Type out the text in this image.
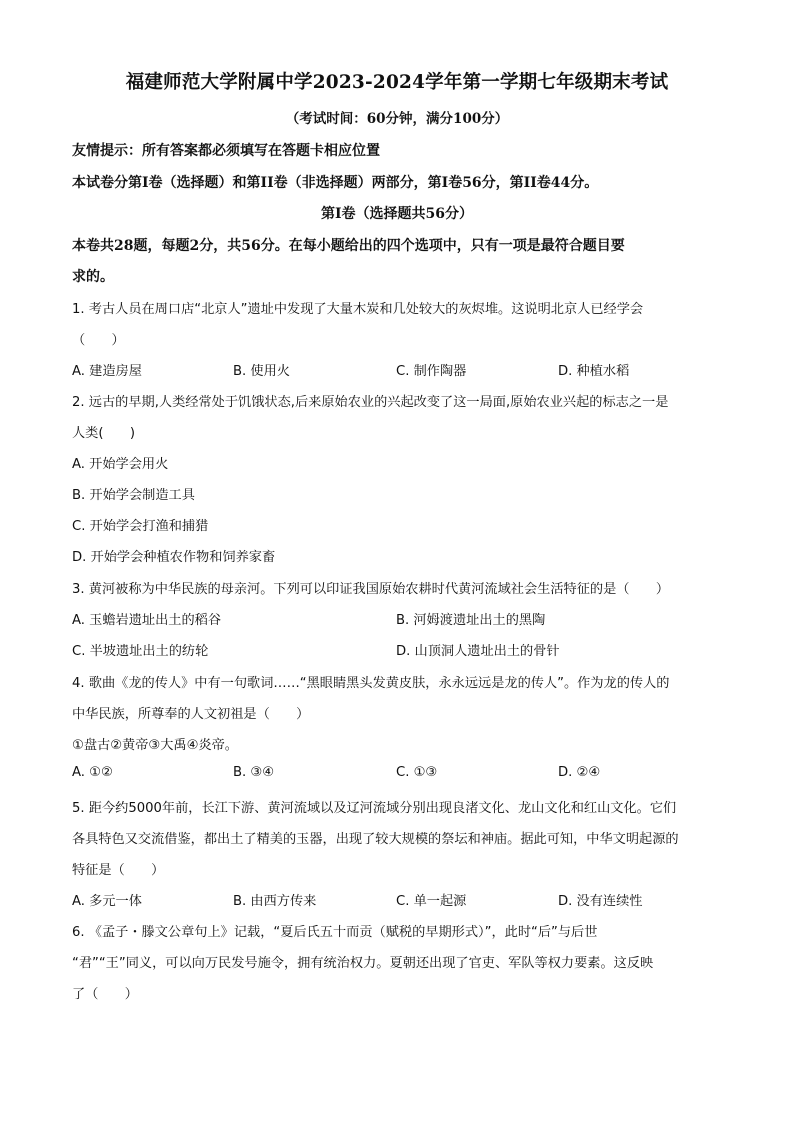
福建师范大学附属中学2023-2024学年第一学期七年级期末考试
（考试时间：60分钟，满分100分）
友情提示：所有答案都必须填写在答题卡相应位置
本试卷分第Ⅰ卷（选择题）和第II卷（非选择题）两部分，第Ⅰ卷56分，第II卷44分。
第Ⅰ卷（选择题共56分）
本卷共28题，每题2分，共56分。在每小题给出的四个选项中，只有一项是最符合题目要
求的。
1. 考古人员在周口店“北京人”遗址中发现了大量木炭和几处较大的灰烬堆。这说明北京人已经学会
（　　）
A. 建造房屋	B. 使用火	C. 制作陶器	D. 种植水稻
2. 远古的早期,人类经常处于饥饿状态,后来原始农业的兴起改变了这一局面,原始农业兴起的标志之一是
人类(　　)
A. 开始学会用火
B. 开始学会制造工具
C. 开始学会打渔和捕猎
D. 开始学会种植农作物和饲养家畜
3. 黄河被称为中华民族的母亲河。下列可以印证我国原始农耕时代黄河流域社会生活特征的是（　　）
A. 玉蟾岩遗址出土的稻谷	B. 河姆渡遗址出土的黑陶
C. 半坡遗址出土的纺轮	D. 山顶洞人遗址出土的骨针
4. 歌曲《龙的传人》中有一句歌词……“黑眼睛黑头发黄皮肤，永永远远是龙的传人”。作为龙的传人的
中华民族，所尊奉的人文初祖是（　　）
①盘古②黄帝③大禹④炎帝。
A. ①②	B. ③④	C. ①③	D. ②④
5. 距今约5000年前，长江下游、黄河流域以及辽河流域分别出现良渚文化、龙山文化和红山文化。它们
各具特色又交流借鉴，都出土了精美的玉器，出现了较大规模的祭坛和神庙。据此可知，中华文明起源的
特征是（　　）
A. 多元一体	B. 由西方传来	C. 单一起源	D. 没有连续性
6. 《孟子・滕文公章句上》记载，“夏后氏五十而贡（赋税的早期形式）”，此时“后”与后世
“君”“王”同义，可以向万民发号施令，拥有统治权力。夏朝还出现了官吏、军队等权力要素。这反映
了（　　）
